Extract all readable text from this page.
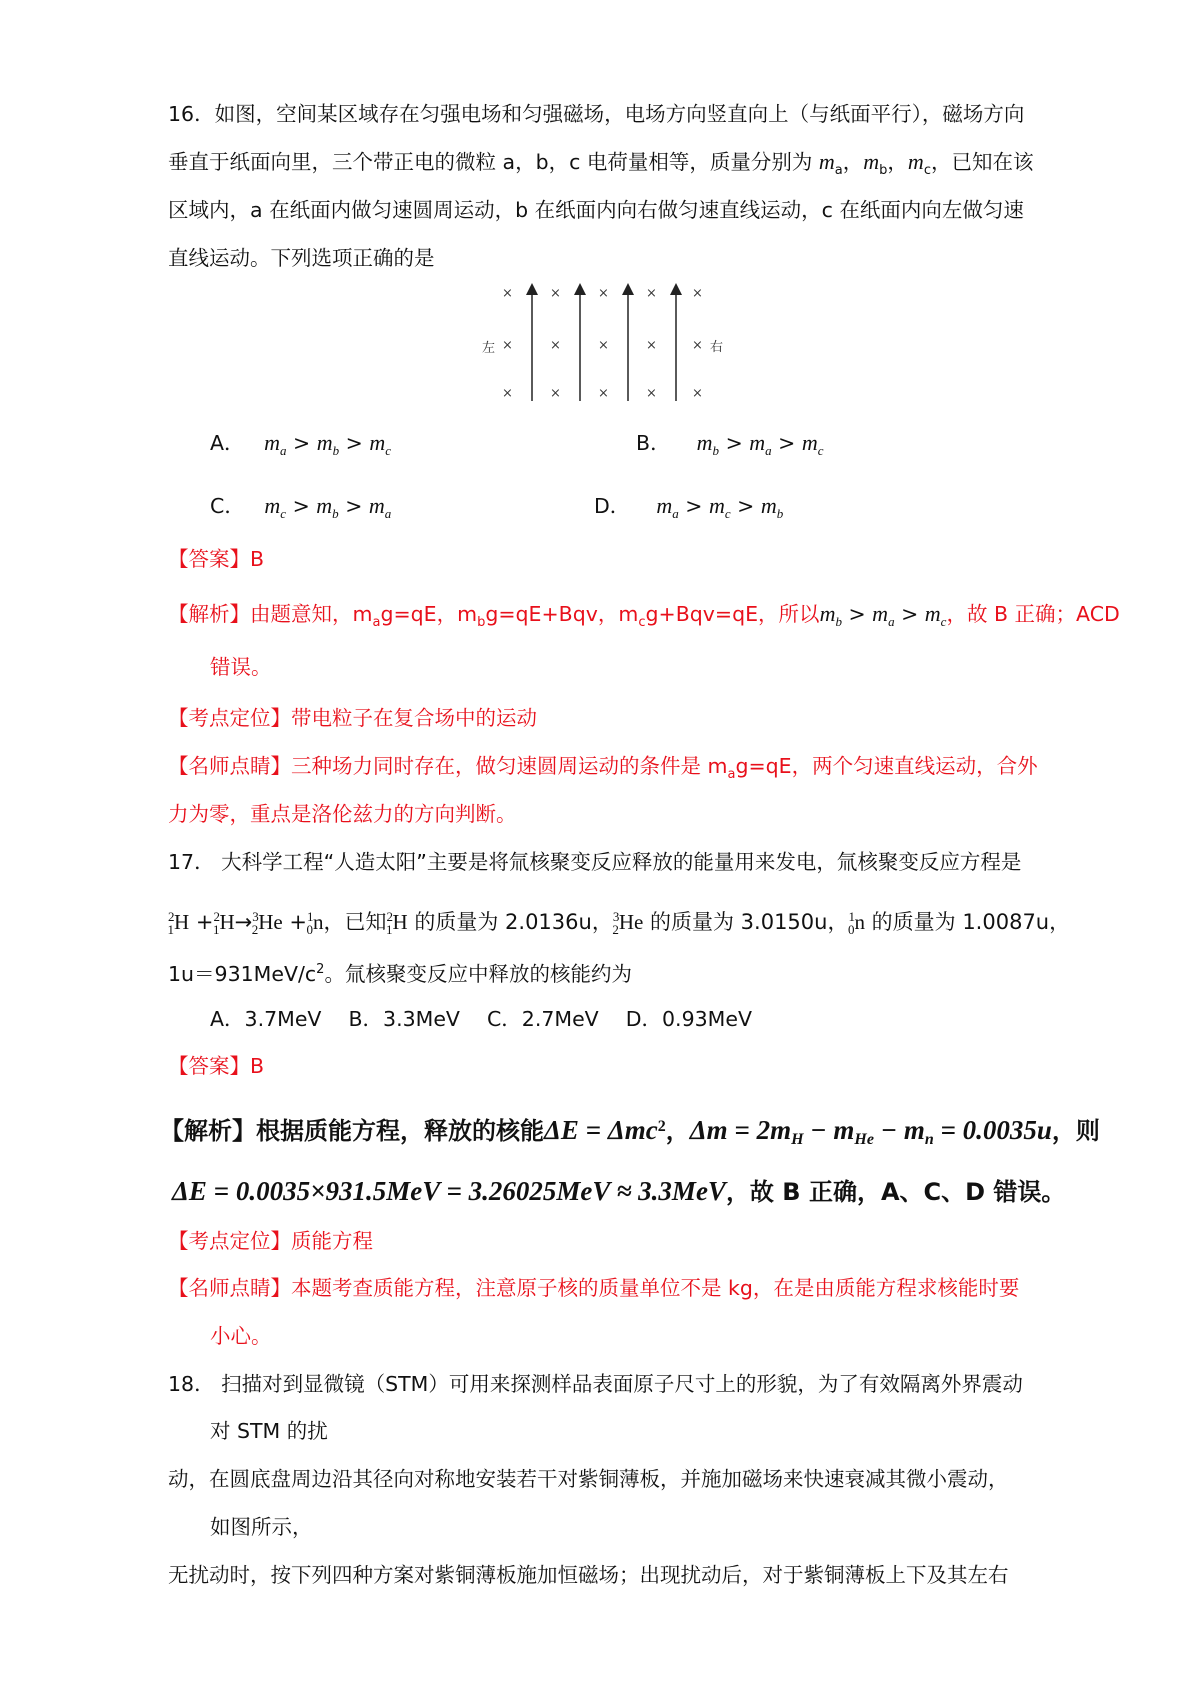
16．如图，空间某区域存在匀强电场和匀强磁场，电场方向竖直向上（与纸面平行），磁场方向
垂直于纸面向里，三个带正电的微粒 a，b，c 电荷量相等，质量分别为 $m_a$，$m_b$，$m_c$，已知在该
区域内，a 在纸面内做匀速圆周运动，b 在纸面内向右做匀速直线运动，c 在纸面内向左做匀速
直线运动。下列选项正确的是
×	×	×	×	×
×	×	×	×	×
×	×	×	×	×
左	右
A． $m_a > m_b > m_c$	B． $m_b > m_a > m_c$
C． $m_c > m_b > m_a$	D． $m_a > m_c > m_b$
【答案】B
【解析】由题意知，$m_ag=qE$，$m_bg=qE+Bqv$，$m_cg+Bqv=qE$，所以$m_b > m_a > m_c$，故 B 正确；ACD
错误。
【考点定位】带电粒子在复合场中的运动
【名师点睛】三种场力同时存在，做匀速圆周运动的条件是 $m_ag=qE$，两个匀速直线运动，合外
力为零，重点是洛伦兹力的方向判断。
17． 大科学工程“人造太阳”主要是将氚核聚变反应释放的能量用来发电，氚核聚变反应方程是
$^2_1$H +$^2_1$H→$^3_2$He +$^1_0$n，已知$^2_1$H 的质量为 2.0136u，$^3_2$He 的质量为 3.0150u，$^1_0$n 的质量为 1.0087u，
$1u=931MeV/c^2$。氚核聚变反应中释放的核能约为
A．3.7MeV　 B．3.3MeV　 C．2.7MeV　 D．0.93MeV
【答案】B
【解析】根据质能方程，释放的核能ΔE = Δmc$^2$，Δm = 2mH − mHe − mn = 0.0035u，则
ΔE = 0.0035×931.5MeV = 3.26025MeV ≈ 3.3MeV，故 B 正确，A、C、D 错误。
【考点定位】质能方程
【名师点睛】本题考查质能方程，注意原子核的质量单位不是 kg，在是由质能方程求核能时要
小心。
18． 扫描对到显微镜（STM）可用来探测样品表面原子尺寸上的形貌，为了有效隔离外界震动
对 STM 的扰
动，在圆底盘周边沿其径向对称地安装若干对紫铜薄板，并施加磁场来快速衰减其微小震动，
如图所示，
无扰动时，按下列四种方案对紫铜薄板施加恒磁场；出现扰动后，对于紫铜薄板上下及其左右
